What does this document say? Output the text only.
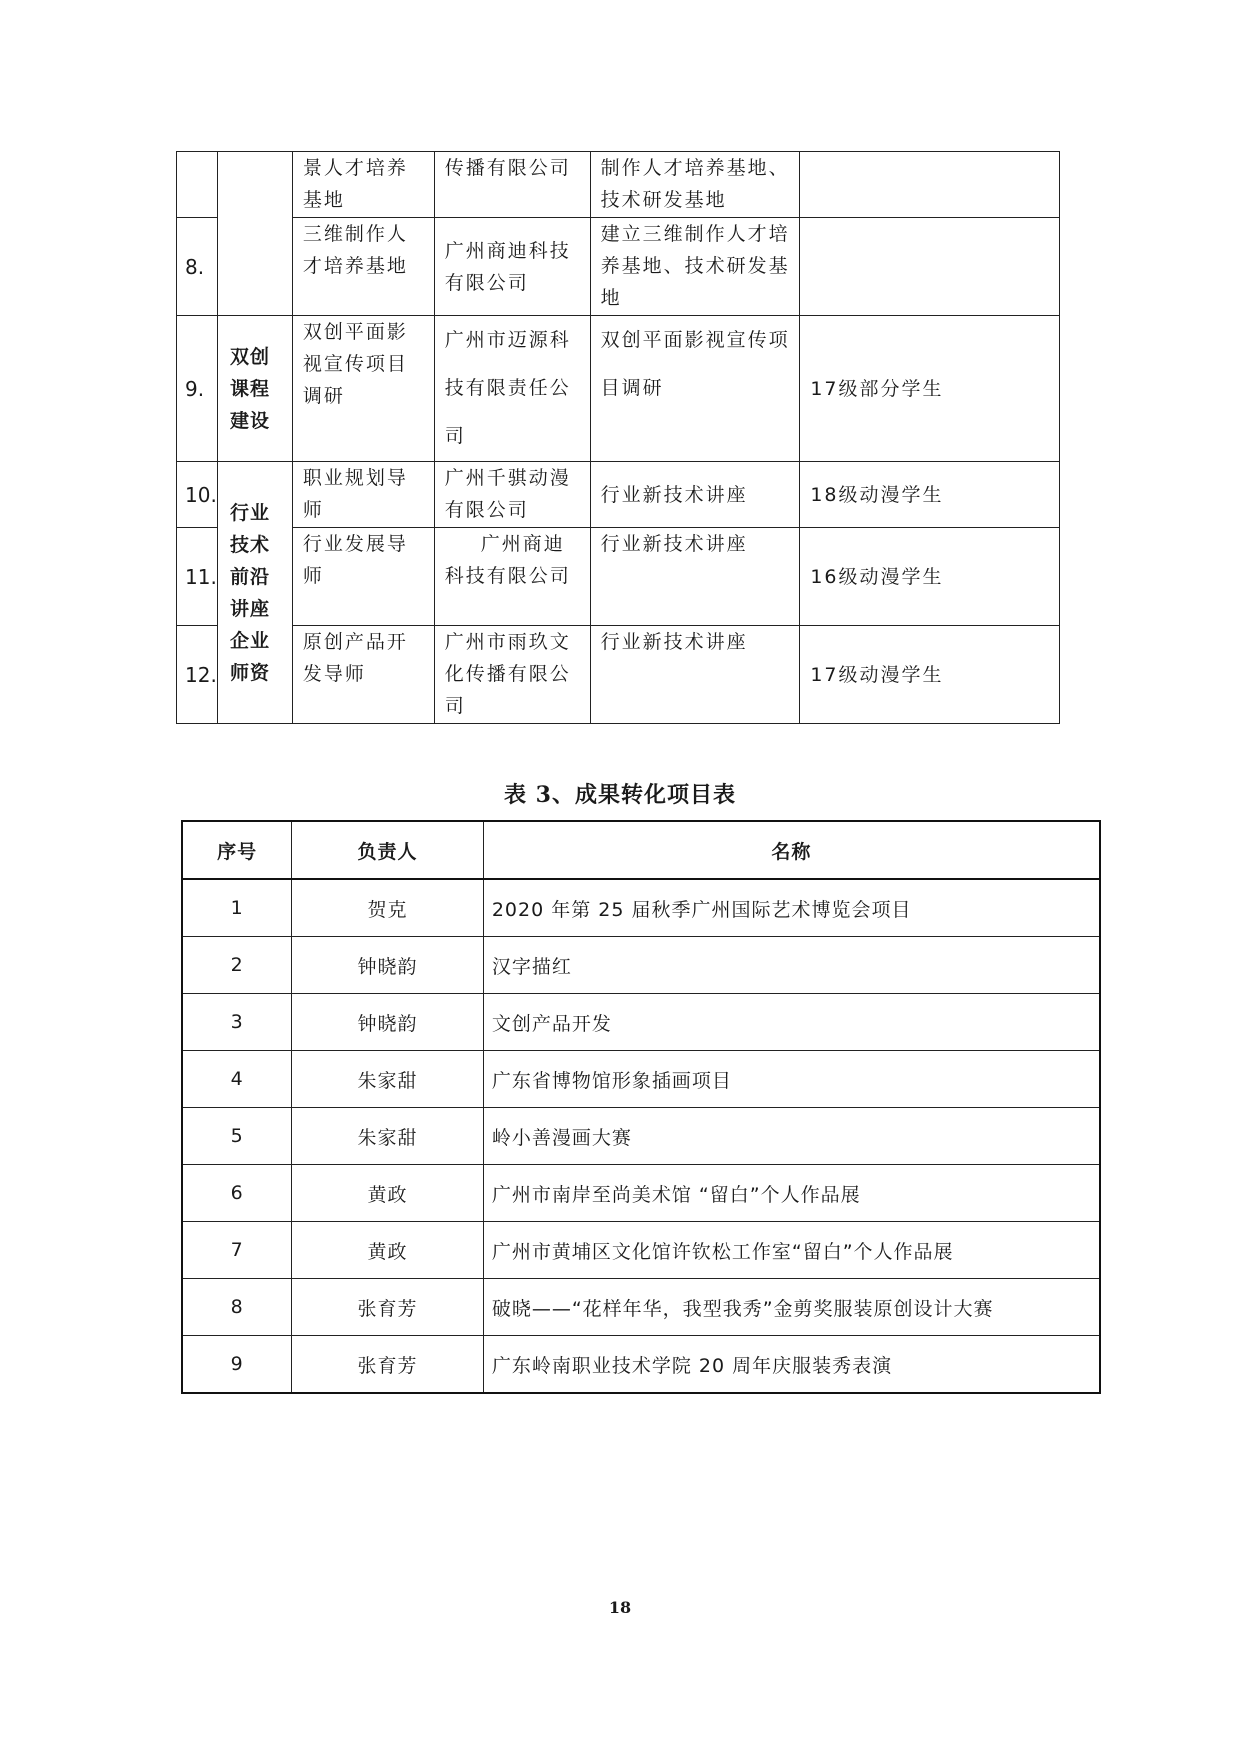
		景人才培养基地	传播有限公司	制作人才培养基地、技术研发基地	
8.		三维制作人才培养基地	广州商迪科技有限公司	建立三维制作人才培养基地、技术研发基地	
9.	双创课程建设	双创平面影视宣传项目调研	广州市迈源科技有限责任公司	双创平面影视宣传项目调研	17级部分学生
10.	行业技术前沿讲座企业师资	职业规划导师	广州千骐动漫有限公司	行业新技术讲座	18级动漫学生
11.		行业发展导师	广州商迪科技有限公司	行业新技术讲座	16级动漫学生
12.		原创产品开发导师	广州市雨玖文化传播有限公司	行业新技术讲座	17级动漫学生
表 3、成果转化项目表
序号	负责人	名称
1	贺克	2020 年第 25 届秋季广州国际艺术博览会项目
2	钟晓韵	汉字描红
3	钟晓韵	文创产品开发
4	朱家甜	广东省博物馆形象插画项目
5	朱家甜	岭小善漫画大赛
6	黄政	广州市南岸至尚美术馆 “留白”个人作品展
7	黄政	广州市黄埔区文化馆许钦松工作室“留白”个人作品展
8	张育芳	破晓——“花样年华，我型我秀”金剪奖服装原创设计大赛
9	张育芳	广东岭南职业技术学院 20 周年庆服装秀表演
18
